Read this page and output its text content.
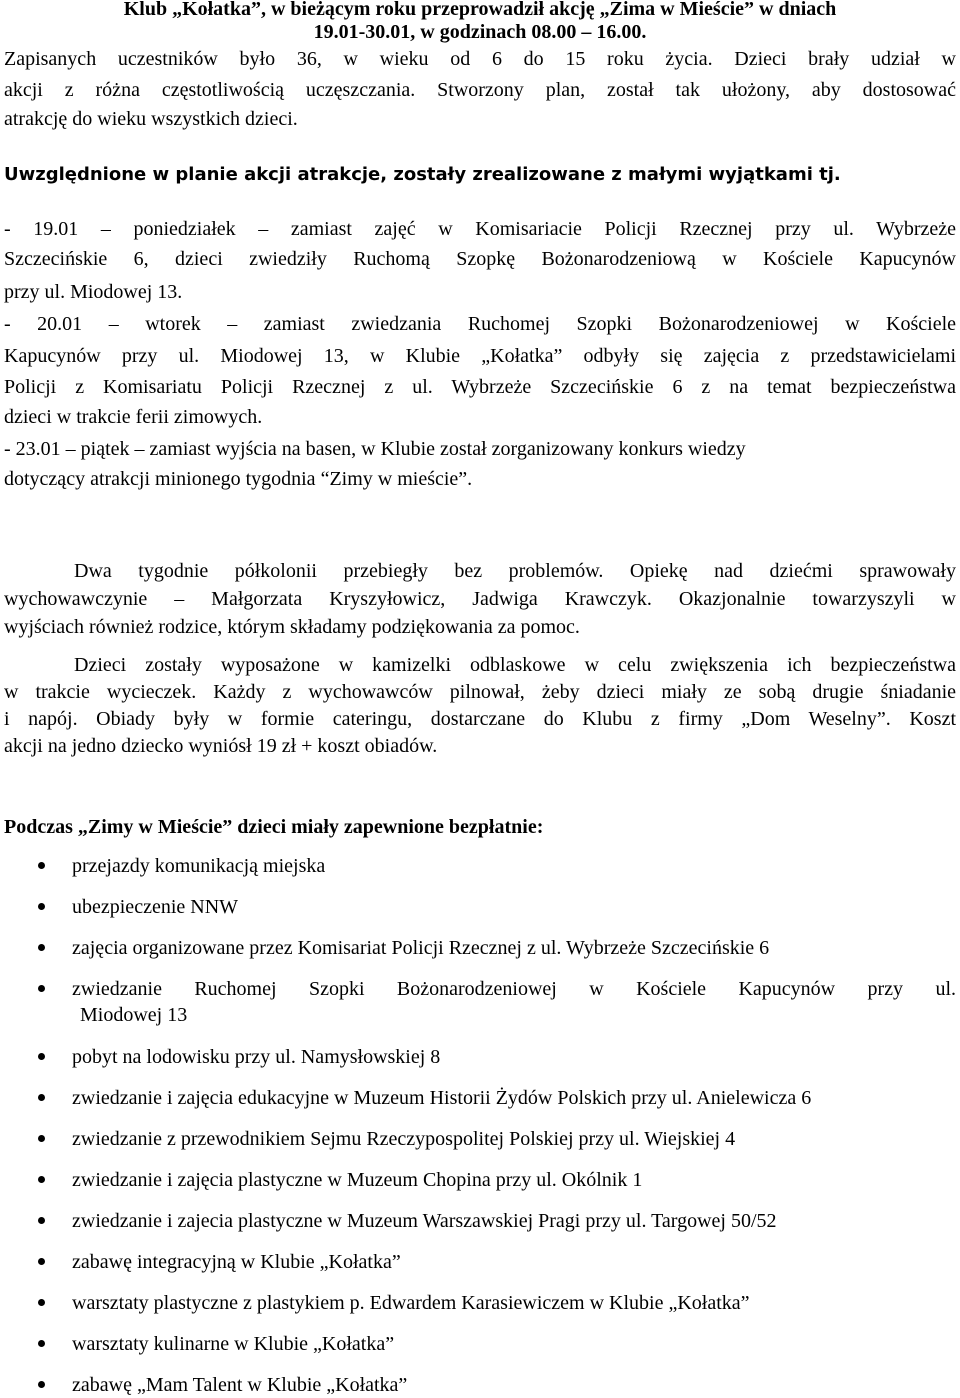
Klub „Kołatka”, w bieżącym roku przeprowadził akcję „Zima w Mieście” w dniach
19.01-30.01, w godzinach 08.00 – 16.00.
Zapisanych uczestników było 36, w wieku od 6 do 15 roku życia. Dzieci brały udział w
akcji z różna częstotliwością uczęszczania. Stworzony plan, został tak ułożony, aby dostosować
atrakcję do wieku wszystkich dzieci.
Uwzględnione w planie akcji atrakcje, zostały zrealizowane z małymi wyjątkami tj.
- 19.01 – poniedziałek – zamiast zajęć w Komisariacie Policji Rzecznej przy ul. Wybrzeże
Szczecińskie 6, dzieci zwiedziły Ruchomą Szopkę Bożonarodzeniową w Kościele Kapucynów
przy ul. Miodowej 13.
- 20.01 – wtorek – zamiast zwiedzania Ruchomej Szopki Bożonarodzeniowej w Kościele
Kapucynów przy ul. Miodowej 13, w Klubie „Kołatka” odbyły się zajęcia z przedstawicielami
Policji z Komisariatu Policji Rzecznej z ul. Wybrzeże Szczecińskie 6 z na temat bezpieczeństwa
dzieci w trakcie ferii zimowych.
- 23.01 – piątek – zamiast wyjścia na basen, w Klubie został zorganizowany konkurs wiedzy
dotyczący atrakcji minionego tygodnia “Zimy w mieście”.
Dwa tygodnie półkolonii przebiegły bez problemów. Opiekę nad dziećmi sprawowały
wychowawczynie – Małgorzata Kryszyłowicz, Jadwiga Krawczyk. Okazjonalnie towarzyszyli w
wyjściach również rodzice, którym składamy podziękowania za pomoc.
Dzieci zostały wyposażone w kamizelki odblaskowe w celu zwiększenia ich bezpieczeństwa
w trakcie wycieczek. Każdy z wychowawców pilnował, żeby dzieci miały ze sobą drugie śniadanie
i napój. Obiady były w formie cateringu, dostarczane do Klubu z firmy „Dom Weselny”. Koszt
akcji na jedno dziecko wyniósł 19 zł + koszt obiadów.
Podczas „Zimy w Mieście” dzieci miały zapewnione bezpłatnie:
przejazdy komunikacją miejska
ubezpieczenie NNW
zajęcia organizowane przez Komisariat Policji Rzecznej z ul. Wybrzeże Szczecińskie 6
zwiedzanie Ruchomej Szopki Bożonarodzeniowej w Kościele Kapucynów przy ul.
Miodowej 13
pobyt na lodowisku przy ul. Namysłowskiej 8
zwiedzanie i zajęcia edukacyjne w Muzeum Historii Żydów Polskich przy ul. Anielewicza 6
zwiedzanie z przewodnikiem Sejmu Rzeczypospolitej Polskiej przy ul. Wiejskiej 4
zwiedzanie i zajęcia plastyczne w Muzeum Chopina przy ul. Okólnik 1
zwiedzanie i zajecia plastyczne w Muzeum Warszawskiej Pragi przy ul. Targowej 50/52
zabawę integracyjną w Klubie „Kołatka”
warsztaty plastyczne z plastykiem p. Edwardem Karasiewiczem w Klubie „Kołatka”
warsztaty kulinarne w Klubie „Kołatka”
zabawę „Mam Talent w Klubie „Kołatka”
